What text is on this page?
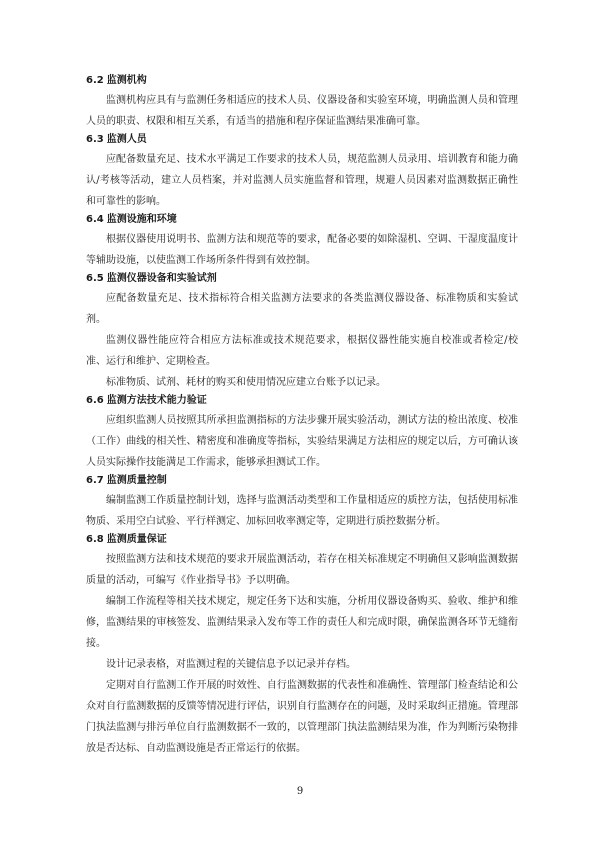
6.2 监测机构

监测机构应具有与监测任务相适应的技术人员、仪器设备和实验室环境，明确监测人员和管理人员的职责、权限和相互关系，有适当的措施和程序保证监测结果准确可靠。

6.3 监测人员

应配备数量充足、技术水平满足工作要求的技术人员，规范监测人员录用、培训教育和能力确认/考核等活动，建立人员档案，并对监测人员实施监督和管理，规避人员因素对监测数据正确性和可靠性的影响。

6.4 监测设施和环境

根据仪器使用说明书、监测方法和规范等的要求，配备必要的如除湿机、空调、干湿度温度计等辅助设施，以使监测工作场所条件得到有效控制。

6.5 监测仪器设备和实验试剂

应配备数量充足、技术指标符合相关监测方法要求的各类监测仪器设备、标准物质和实验试剂。

监测仪器性能应符合相应方法标准或技术规范要求，根据仪器性能实施自校准或者检定/校准、运行和维护、定期检查。

标准物质、试剂、耗材的购买和使用情况应建立台账予以记录。

6.6 监测方法技术能力验证

应组织监测人员按照其所承担监测指标的方法步骤开展实验活动，测试方法的检出浓度、校准（工作）曲线的相关性、精密度和准确度等指标，实验结果满足方法相应的规定以后，方可确认该人员实际操作技能满足工作需求，能够承担测试工作。

6.7 监测质量控制

编制监测工作质量控制计划，选择与监测活动类型和工作量相适应的质控方法，包括使用标准物质、采用空白试验、平行样测定、加标回收率测定等，定期进行质控数据分析。

6.8 监测质量保证

按照监测方法和技术规范的要求开展监测活动，若存在相关标准规定不明确但又影响监测数据质量的活动，可编写《作业指导书》予以明确。

编制工作流程等相关技术规定，规定任务下达和实施，分析用仪器设备购买、验收、维护和维修，监测结果的审核签发、监测结果录入发布等工作的责任人和完成时限，确保监测各环节无缝衔接。

设计记录表格，对监测过程的关键信息予以记录并存档。

定期对自行监测工作开展的时效性、自行监测数据的代表性和准确性、管理部门检查结论和公众对自行监测数据的反馈等情况进行评估，识别自行监测存在的问题，及时采取纠正措施。管理部门执法监测与排污单位自行监测数据不一致的，以管理部门执法监测结果为准，作为判断污染物排放是否达标、自动监测设施是否正常运行的依据。

9
